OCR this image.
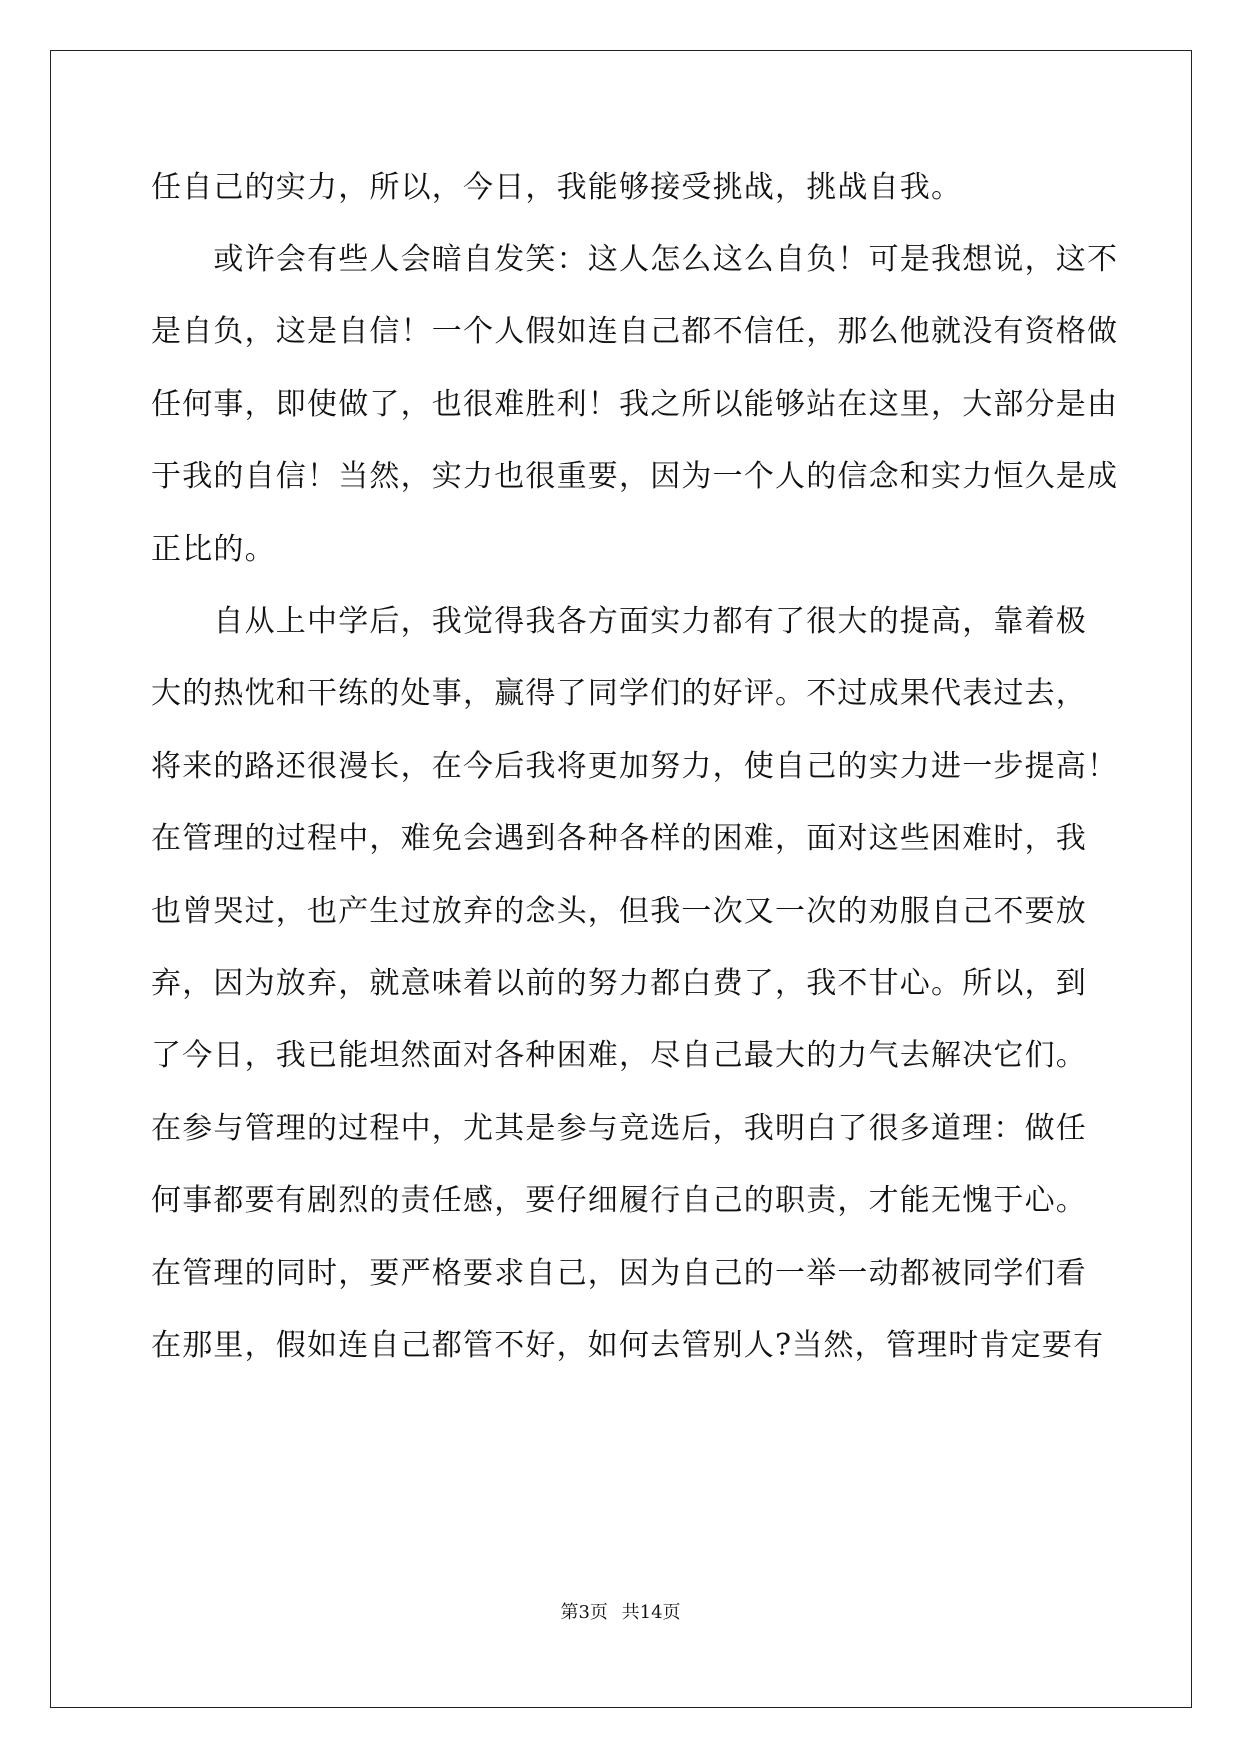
任自己的实力，所以，今日，我能够接受挑战，挑战自我。
　　或许会有些人会暗自发笑：这人怎么这么自负！可是我想说，这不
是自负，这是自信！一个人假如连自己都不信任，那么他就没有资格做
任何事，即使做了，也很难胜利！我之所以能够站在这里，大部分是由
于我的自信！当然，实力也很重要，因为一个人的信念和实力恒久是成
正比的。
　　自从上中学后，我觉得我各方面实力都有了很大的提高，靠着极
大的热忱和干练的处事，赢得了同学们的好评。不过成果代表过去，
将来的路还很漫长，在今后我将更加努力，使自己的实力进一步提高！
在管理的过程中，难免会遇到各种各样的困难，面对这些困难时，我
也曾哭过，也产生过放弃的念头，但我一次又一次的劝服自己不要放
弃，因为放弃，就意味着以前的努力都白费了，我不甘心。所以，到
了今日，我已能坦然面对各种困难，尽自己最大的力气去解决它们。
在参与管理的过程中，尤其是参与竞选后，我明白了很多道理：做任
何事都要有剧烈的责任感，要仔细履行自己的职责，才能无愧于心。
在管理的同时，要严格要求自己，因为自己的一举一动都被同学们看
在那里，假如连自己都管不好，如何去管别人?当然，管理时肯定要有
第3页 共14页
